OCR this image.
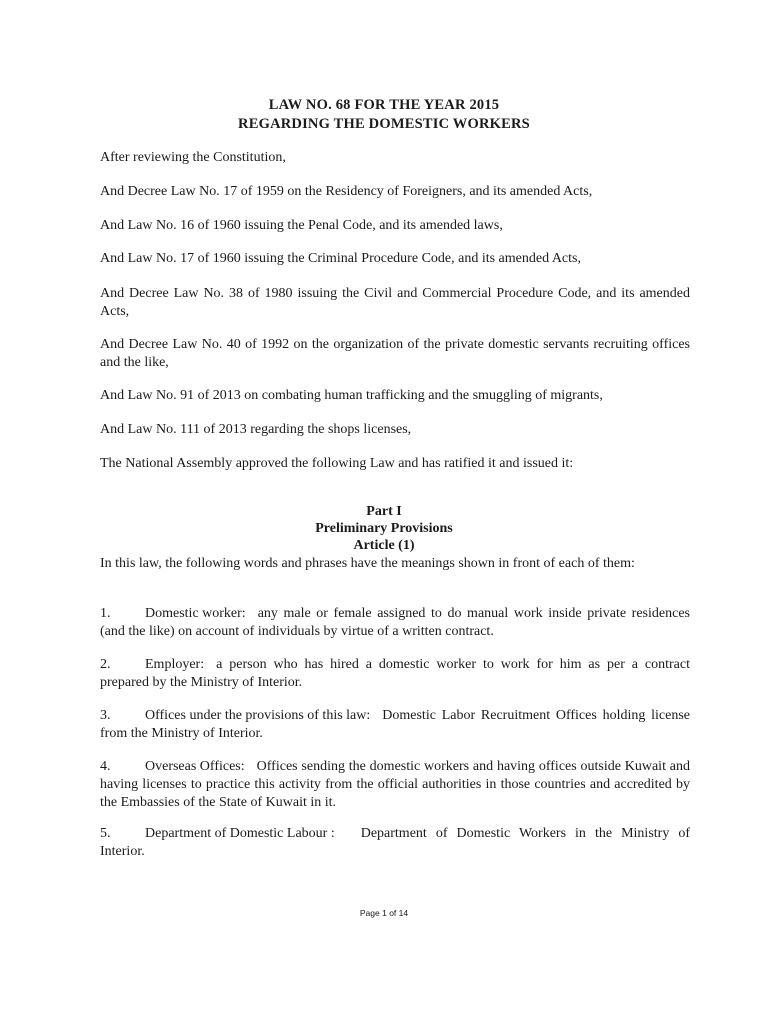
LAW NO. 68 FOR THE YEAR 2015
REGARDING THE DOMESTIC WORKERS
After reviewing the Constitution,
And Decree Law No. 17 of 1959 on the Residency of Foreigners, and its amended Acts,
And Law No. 16 of 1960 issuing the Penal Code, and its amended laws,
And Law No. 17 of 1960 issuing the Criminal Procedure Code, and its amended Acts,
And Decree Law No. 38 of 1980 issuing the Civil and Commercial Procedure Code, and its amended Acts,
And Decree Law No. 40 of 1992 on the organization of the private domestic servants recruiting offices and the like,
And Law No. 91 of 2013 on combating human trafficking and the smuggling of migrants,
And Law No. 111 of 2013 regarding the shops licenses,
The National Assembly approved the following Law and has ratified it and issued it:
Part I
Preliminary Provisions
Article (1)
In this law, the following words and phrases have the meanings shown in front of each of them:
1. Domestic worker: any male or female assigned to do manual work inside private residences (and the like) on account of individuals by virtue of a written contract.
2. Employer: a person who has hired a domestic worker to work for him as per a contract prepared by the Ministry of Interior.
3. Offices under the provisions of this law: Domestic Labor Recruitment Offices holding license from the Ministry of Interior.
4. Overseas Offices: Offices sending the domestic workers and having offices outside Kuwait and having licenses to practice this activity from the official authorities in those countries and accredited by the Embassies of the State of Kuwait in it.
5. Department of Domestic Labour : Department of Domestic Workers in the Ministry of Interior.
Page 1 of 14
